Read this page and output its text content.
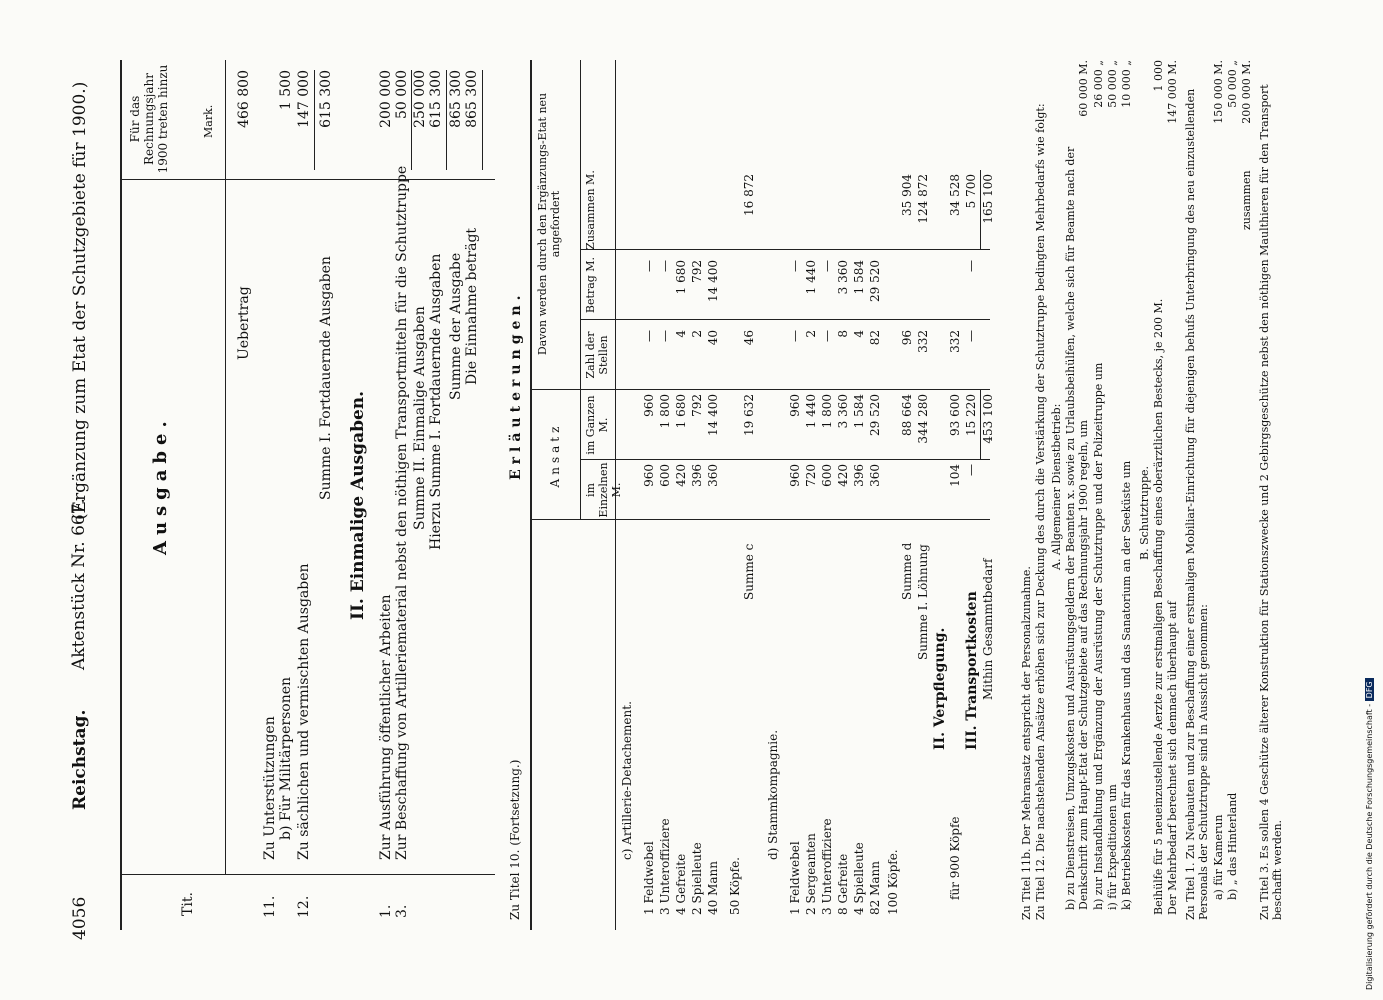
4056
Reichstag.
Aktenstück Nr. 667.
(Ergänzung zum Etat der Schutzgebiete für 1900.)
Tit.
Ausgabe.
Für das Rechnungsjahr 1900 treten hinzu	Mark.
Uebertrag
466 800
11.
Zu Unterstützungen b) Für Militärpersonen
1 500
12.
Zu sächlichen und vermischten Ausgaben
147 000
Summe I. Fortdauernde Ausgaben
615 300
II. Einmalige Ausgaben.
1.
Zur Ausführung öffentlicher Arbeiten
200 000
3.
Zur Beschaffung von Artilleriematerial nebst den nöthigen Transportmitteln für die Schutztruppe
50 000
Summe II. Einmalige Ausgaben
250 000
Hierzu Summe I. Fortdauernde Ausgaben
615 300
Summe der Ausgabe
865 300
Die Einnahme beträgt
865 300
Zu Titel 10. (Fortsetzung.)
Erläuterungen. Ansatz
im Einzelnen M.
im Ganzen M.
Davon werden durch den Ergänzungs-Etat neu angefordert
Zahl der Stellen
Betrag M.
Zusammen M.
c) Artillerie-Detachement.
1 Feldwebel
960
960
—
—
3 Unteroffiziere
600
1 800
—
—
4 Gefreite
420
1 680
4
1 680
2 Spielleute
396
792
2
792
40 Mann
360
14 400
40
14 400
50 Köpfe.
Summe c
19 632
46
16 872
d) Stammkompagnie.
1 Feldwebel
960
960
—
—
2 Sergeanten
720
1 440
2
1 440
3 Unteroffiziere
600
1 800
—
—
8 Gefreite
420
3 360
8
3 360
4 Spielleute
396
1 584
4
1 584
82 Mann
360
29 520
82
29 520
100 Köpfe.
Summe d
88 664
96
35 904
Summe I. Löhnung
344 280
332
124 872
II. Verpflegung.
für 900 Köpfe
104
93 600
332
34 528
III. Transportkosten
—
15 220
—
—
5 700
Mithin Gesammtbedarf
453 100
165 100
Zu Titel 11b. Der Mehransatz entspricht der Personalzunahme. Zu Titel 12. Die nachstehenden Ansätze erhöhen sich zur Deckung des durch die Verstärkung der Schutztruppe bedingten Mehrbedarfs wie folgt: A. Allgemeiner Dienstbetrieb: b) zu Dienstreisen, Umzugskosten und Ausrüstungsgeldern der Beamten x. sowie zu Urlaubsbeihülfen, welche sich für Beamte nach der Denkschrift zum Haupt-Etat der Schutzgebiete auf das Rechnungsjahr 1900 regeln, um
60 000 M.
h) zur Instandhaltung und Ergänzung der Ausrüstung der Schutztruppe und der Polizeitruppe um
26 000 „
i) für Expeditionen um
50 000 „
k) Betriebskosten für das Krankenhaus und das Sanatorium an der Seeküste um
10 000 „
B. Schutztruppe. Beihülfe für 5 neueinzustellende Aerzte zur erstmaligen Beschaffung eines oberärztlichen Bestecks, je 200 M.
1 000
Der Mehrbedarf berechnet sich demnach überhaupt auf
147 000 M. Zu Titel 1. Zu Neubauten und zur Beschaffung einer erstmaligen Mobiliar-Einrichtung für diejenigen behufs Unterbringung des neu einzustellenden Personals der Schutztruppe sind in Aussicht genommen: a) für Kamerun
150 000 M.
b) „ das Hinterland
50 000 „
zusammen
200 000 M. Zu Titel 3. Es sollen 4 Geschütze älterer Konstruktion für Stationszwecke und 2 Gebirgsgeschütze nebst den nöthigen Maulthieren für den Transport beschafft werden.	Digitalisierung gefördert durch die Deutsche Forschungsgemeinschaft - DFG
